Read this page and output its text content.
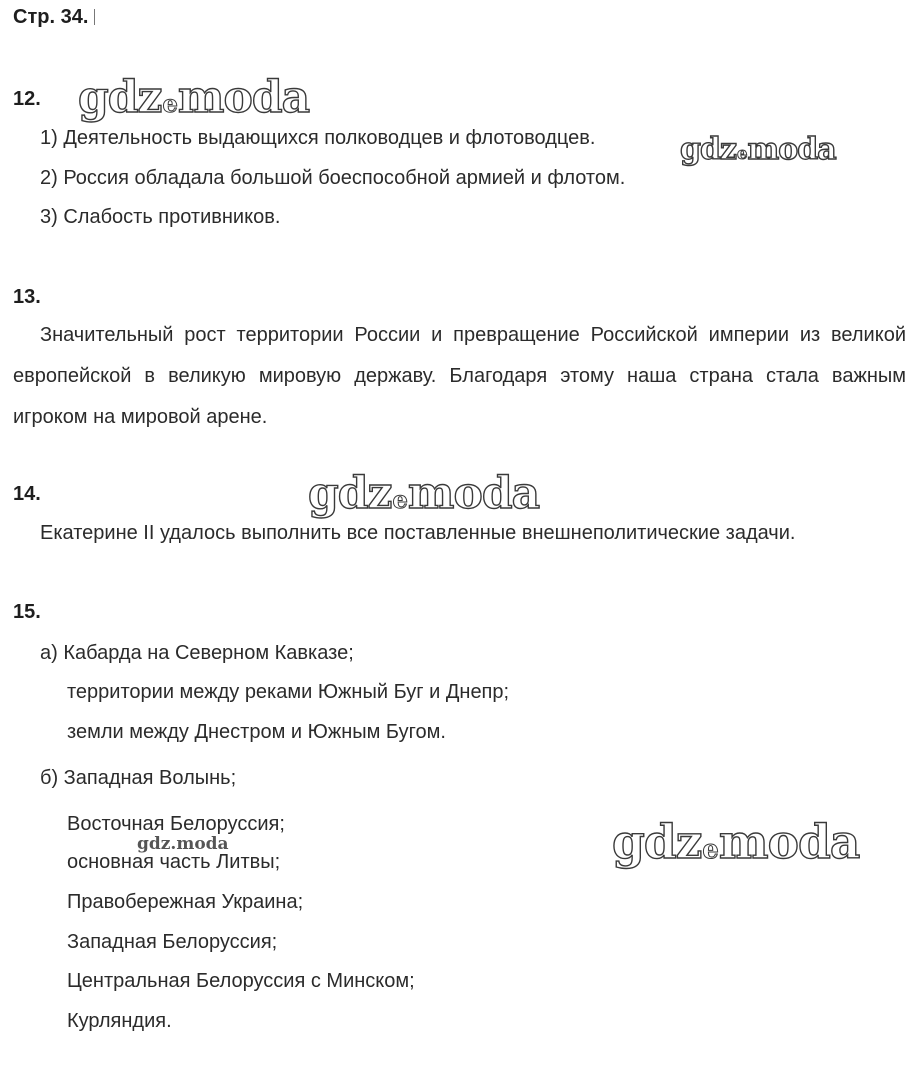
Стр. 34.
12.
1) Деятельность выдающихся полководцев и флотоводцев.
2) Россия обладала большой боеспособной армией и флотом.
3) Слабость противников.
13.
Значительный рост территории России и превращение Российской империи из великой европейской в великую мировую державу. Благодаря этому наша страна стала важным игроком на мировой арене.
14.
Екатерине II удалось выполнить все поставленные внешнеполитические задачи.
15.
а) Кабарда на Северном Кавказе;
территории между реками Южный Буг и Днепр;
земли между Днестром и Южным Бугом.
б) Западная Волынь;
Восточная Белоруссия;
основная часть Литвы;
Правобережная Украина;
Западная Белоруссия;
Центральная Белоруссия с Минском;
Курляндия.
gdzemoda
gdzemoda
gdzemoda
gdzemoda
gdz.moda
